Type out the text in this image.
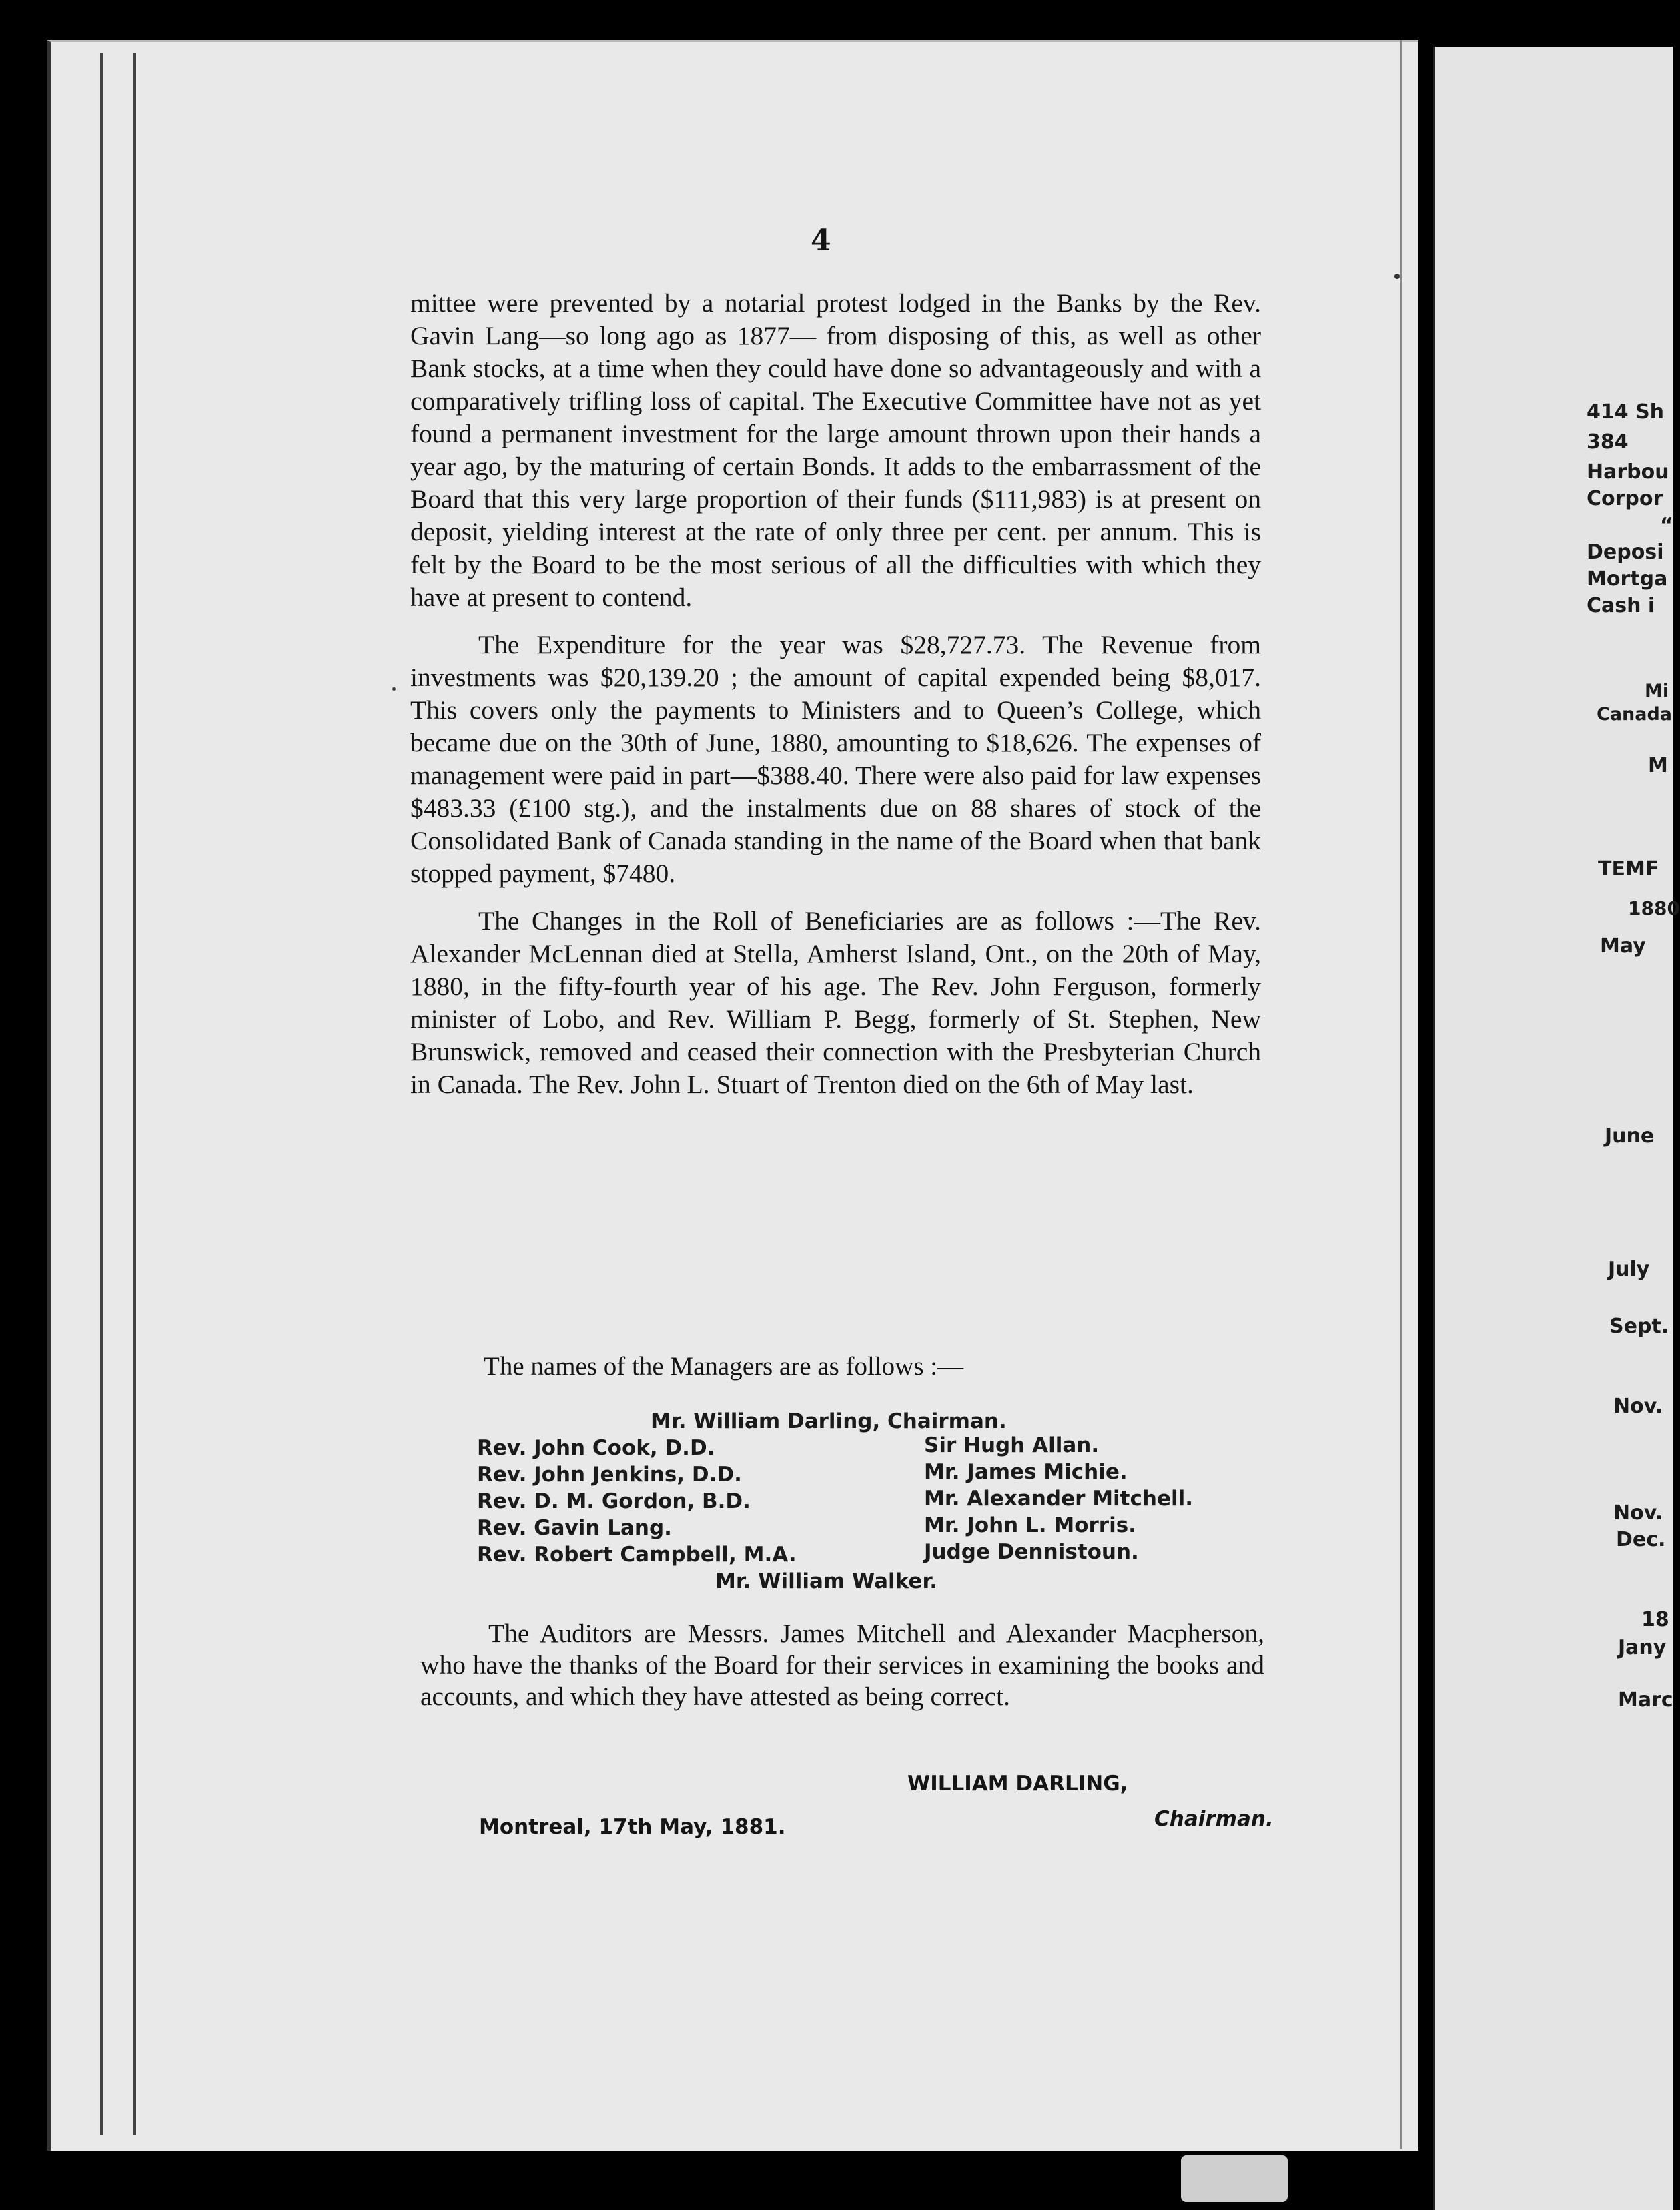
4

mittee were prevented by a notarial protest lodged in the Banks by the Rev. Gavin Lang—so long ago as 1877— from disposing of this, as well as other Bank stocks, at a time when they could have done so advantageously and with a comparatively trifling loss of capital. The Executive Committee have not as yet found a permanent investment for the large amount thrown upon their hands a year ago, by the maturing of certain Bonds. It adds to the embarrassment of the Board that this very large proportion of their funds ($111,983) is at present on deposit, yielding interest at the rate of only three per cent. per annum. This is felt by the Board to be the most serious of all the difficulties with which they have at present to contend.

The Expenditure for the year was $28,727.73. The Revenue from investments was $20,139.20 ; the amount of capital expended being $8,017. This covers only the payments to Ministers and to Queen’s College, which became due on the 30th of June, 1880, amounting to $18,626. The expenses of management were paid in part—$388.40. There were also paid for law expenses $483.33 (£100 stg.), and the instalments due on 88 shares of stock of the Consolidated Bank of Canada standing in the name of the Board when that bank stopped payment, $7480.

The Changes in the Roll of Beneficiaries are as follows :—The Rev. Alexander McLennan died at Stella, Amherst Island, Ont., on the 20th of May, 1880, in the fifty-fourth year of his age. The Rev. John Ferguson, formerly minister of Lobo, and Rev. William P. Begg, formerly of St. Stephen, New Brunswick, removed and ceased their connection with the Presbyterian Church in Canada. The Rev. John L. Stuart of Trenton died on the 6th of May last.

The names of the Managers are as follows :—
Mr. William Darling, Chairman.
Rev. John Cook, D.D.
Rev. John Jenkins, D.D.
Rev. D. M. Gordon, B.D.
Rev. Gavin Lang.
Rev. Robert Campbell, M.A.
Sir Hugh Allan.
Mr. James Michie.
Mr. Alexander Mitchell.
Mr. John L. Morris.
Judge Dennistoun.
Mr. William Walker.
The Auditors are Messrs. James Mitchell and Alexander Macpherson, who have the thanks of the Board for their services in examining the books and accounts, and which they have attested as being correct.
WILLIAM DARLING,
Chairman.
Montreal, 17th May, 1881.
414 Sh
384
Harbou
Corpor
“
Deposi
Mortga
Cash i
Mi
Canada
M
TEMF
1880
May
June
July
Sept.
Nov.
Nov.
Dec.
18
Jany
Marc
